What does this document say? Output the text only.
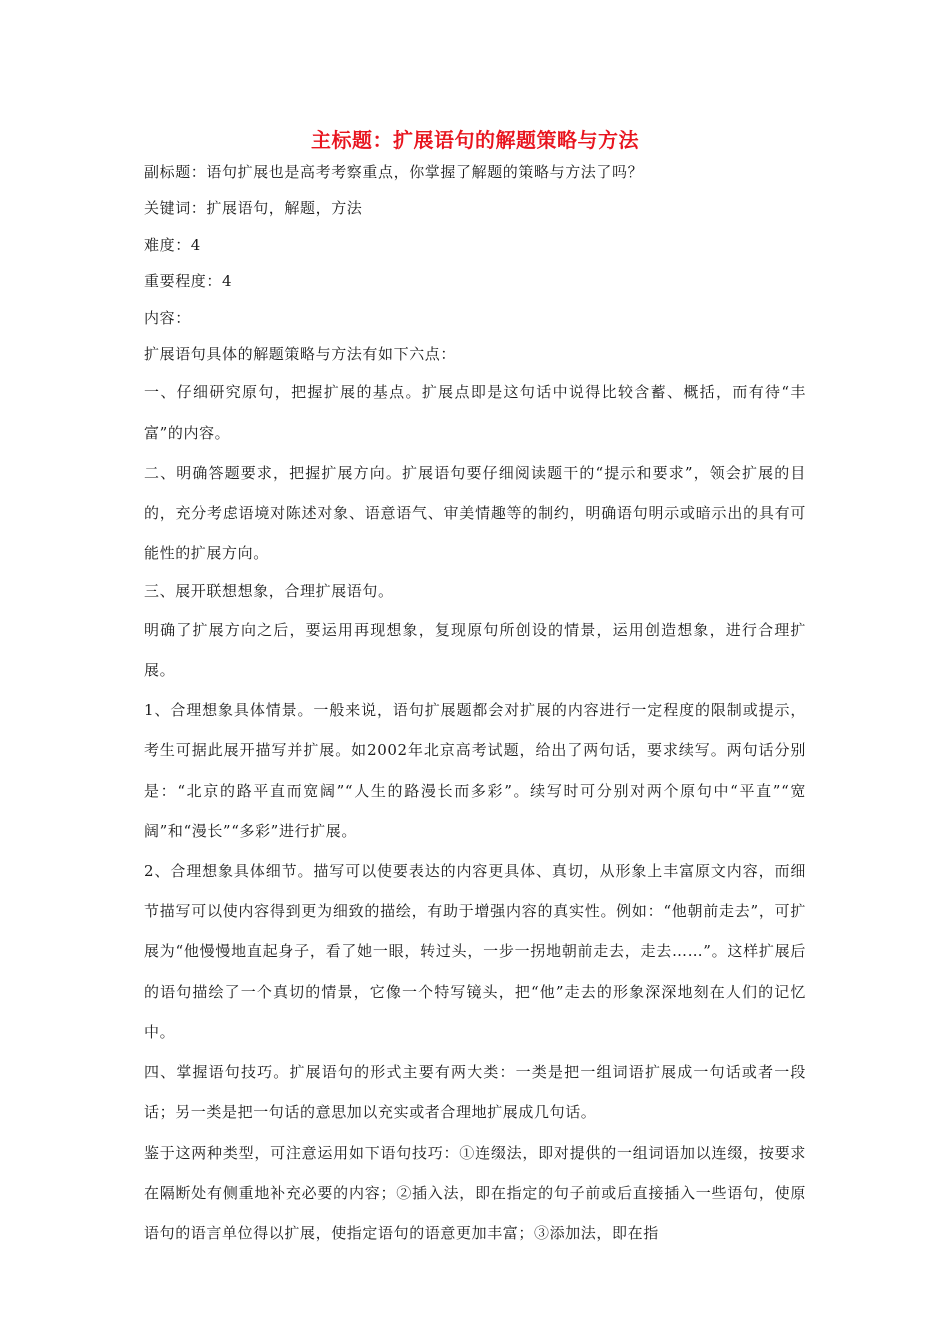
主标题：扩展语句的解题策略与方法

副标题：语句扩展也是高考考察重点，你掌握了解题的策略与方法了吗？

关键词：扩展语句，解题，方法

难度：4

重要程度：4

内容：

扩展语句具体的解题策略与方法有如下六点：

一、仔细研究原句，把握扩展的基点。扩展点即是这句话中说得比较含蓄、概括，而有待“丰富”的内容。

二、明确答题要求，把握扩展方向。扩展语句要仔细阅读题干的“提示和要求”，领会扩展的目的，充分考虑语境对陈述对象、语意语气、审美情趣等的制约，明确语句明示或暗示出的具有可能性的扩展方向。

三、展开联想想象，合理扩展语句。

明确了扩展方向之后，要运用再现想象，复现原句所创设的情景，运用创造想象，进行合理扩展。

1、合理想象具体情景。一般来说，语句扩展题都会对扩展的内容进行一定程度的限制或提示，考生可据此展开描写并扩展。如2002年北京高考试题，给出了两句话，要求续写。两句话分别是：“北京的路平直而宽阔”“人生的路漫长而多彩”。续写时可分别对两个原句中“平直”“宽阔”和“漫长”“多彩”进行扩展。

2、合理想象具体细节。描写可以使要表达的内容更具体、真切，从形象上丰富原文内容，而细节描写可以使内容得到更为细致的描绘，有助于增强内容的真实性。例如：“他朝前走去”，可扩展为“他慢慢地直起身子，看了她一眼，转过头，一步一拐地朝前走去，走去……”。这样扩展后的语句描绘了一个真切的情景，它像一个特写镜头，把“他”走去的形象深深地刻在人们的记忆中。

四、掌握语句技巧。扩展语句的形式主要有两大类：一类是把一组词语扩展成一句话或者一段话；另一类是把一句话的意思加以充实或者合理地扩展成几句话。

鉴于这两种类型，可注意运用如下语句技巧：①连缀法，即对提供的一组词语加以连缀，按要求在隔断处有侧重地补充必要的内容；②插入法，即在指定的句子前或后直接插入一些语句，使原语句的语言单位得以扩展，使指定语句的语意更加丰富；③添加法，即在指
